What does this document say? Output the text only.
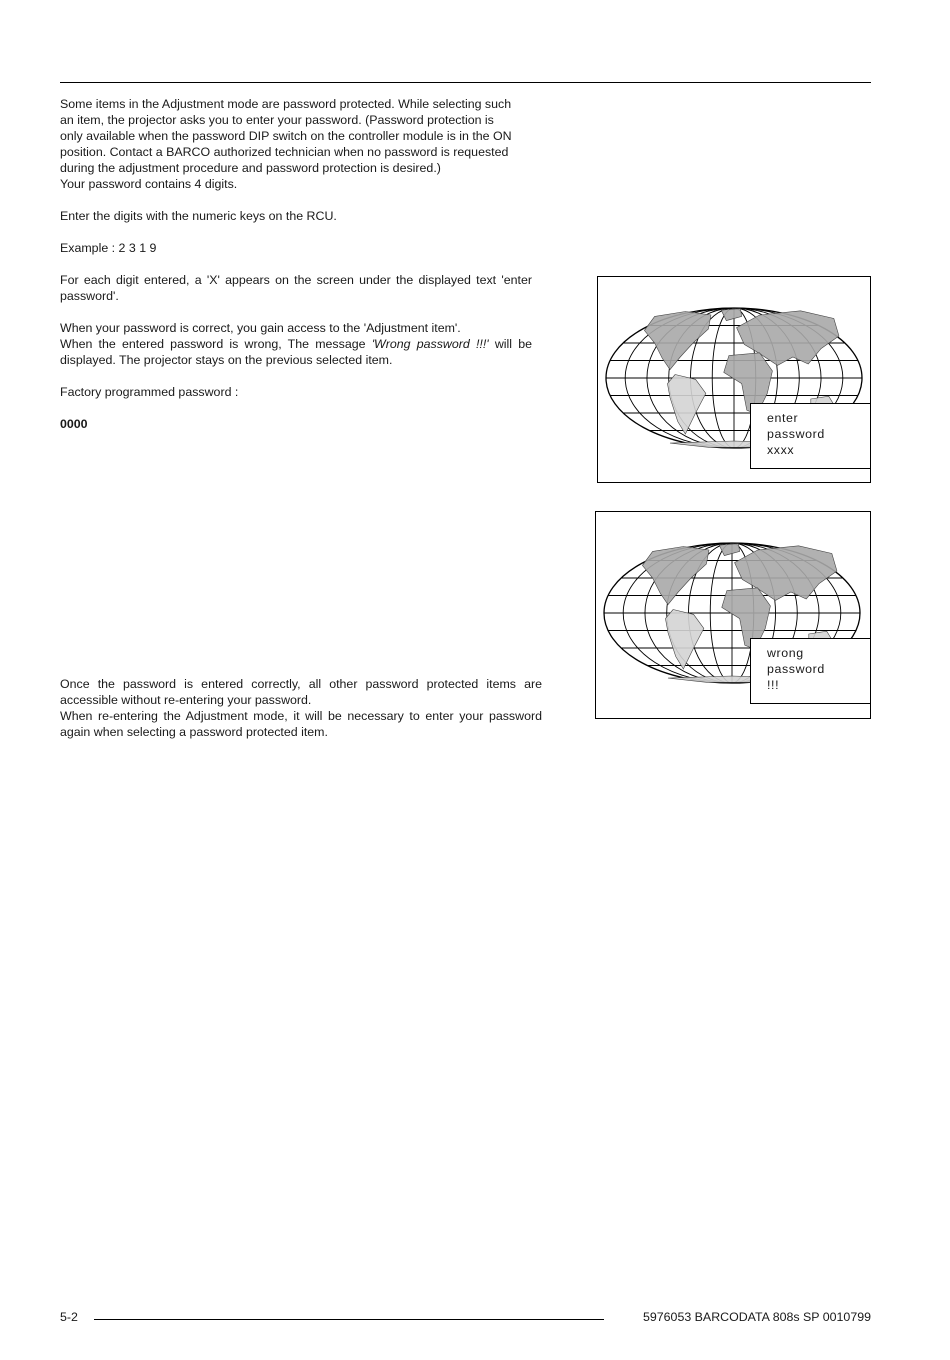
Some items in the Adjustment mode are password protected. While selecting such
an item, the projector asks you to enter your password. (Password protection is
only available when the password DIP switch on the controller module is in the ON
position. Contact a BARCO authorized technician when no password is requested
during the adjustment procedure and password protection is desired.)
Your password contains 4 digits.

Enter the digits with the numeric keys on the RCU.

Example : 2 3 1 9

For each digit entered, a 'X' appears on the screen under the displayed text 'enter password'.

When your password is correct, you gain access to the 'Adjustment item'.
When the entered password is wrong, The message 'Wrong password !!!' will be displayed. The projector stays on the previous selected item.

Factory programmed password :

0000	enter
password
xxxx
wrong
password
!!!

Once the password is entered correctly, all other password protected items are accessible without re-entering your password.

When re-entering the Adjustment mode, it will be necessary to enter your password again when selecting a password protected item.

5-2	5976053 BARCODATA 808s SP 0010799
